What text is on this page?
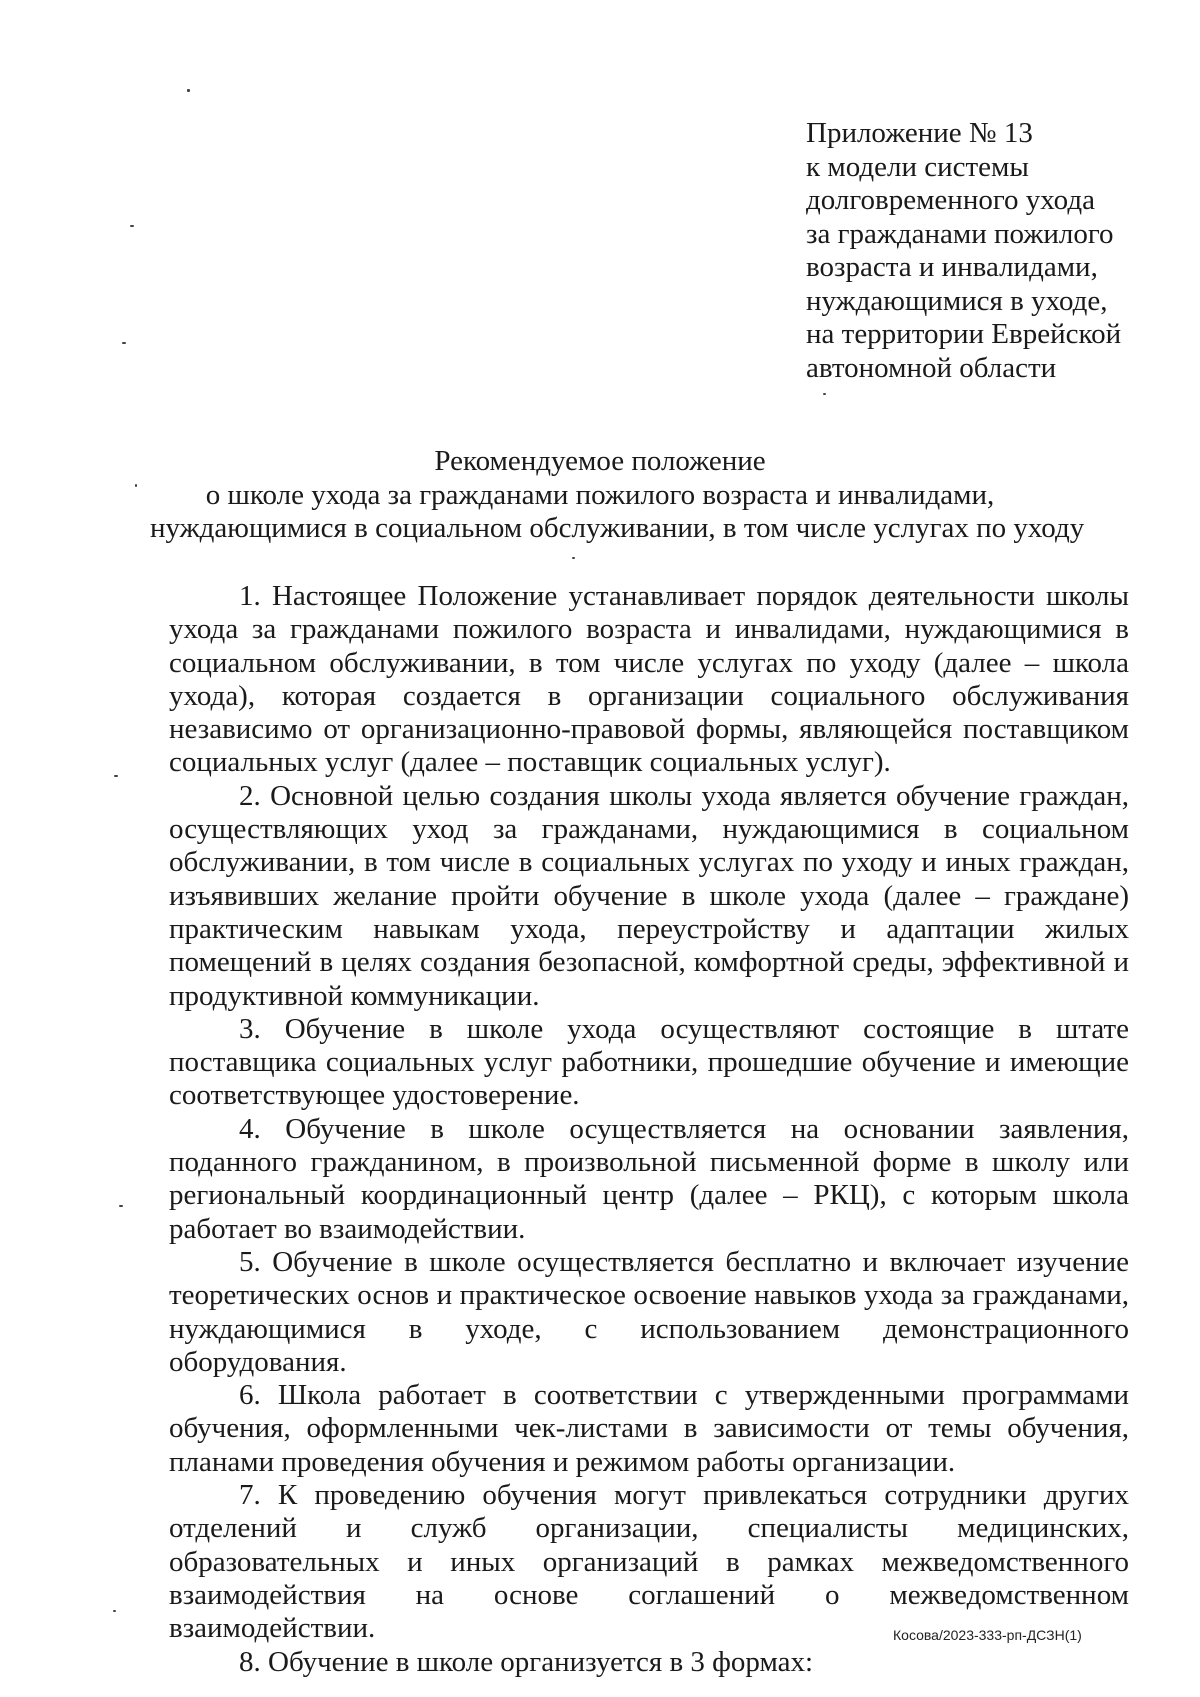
Приложение № 13
к модели системы
долговременного ухода
за гражданами пожилого
возраста и инвалидами,
нуждающимися в уходе,
на территории Еврейской
автономной области
Рекомендуемое положение
о школе ухода за гражданами пожилого возраста и инвалидами,
нуждающимися в социальном обслуживании, в том числе услугах по уходу

1. Настоящее Положение устанавливает порядок деятельности школы ухода за гражданами пожилого возраста и инвалидами, нуждающимися в социальном обслуживании, в том числе услугах по уходу (далее – школа ухода), которая создается в организации социального обслуживания независимо от организационно-правовой формы, являющейся поставщиком социальных услуг (далее – поставщик социальных услуг).

2. Основной целью создания школы ухода является обучение граждан, осуществляющих уход за гражданами, нуждающимися в социальном обслуживании, в том числе в социальных услугах по уходу и иных граждан, изъявивших желание пройти обучение в школе ухода (далее – граждане) практическим навыкам ухода, переустройству и адаптации жилых помещений в целях создания безопасной, комфортной среды, эффективной и продуктивной коммуникации.

3. Обучение в школе ухода осуществляют состоящие в штате поставщика социальных услуг работники, прошедшие обучение и имеющие соответствующее удостоверение.

4. Обучение в школе осуществляется на основании заявления, поданного гражданином, в произвольной письменной форме в школу или региональный координационный центр (далее – РКЦ), с которым школа работает во взаимодействии.

5. Обучение в школе осуществляется бесплатно и включает изучение теоретических основ и практическое освоение навыков ухода за гражданами, нуждающимися в уходе, с использованием демонстрационного оборудования.

6. Школа работает в соответствии с утвержденными программами обучения, оформленными чек-листами в зависимости от темы обучения, планами проведения обучения и режимом работы организации.

7. К проведению обучения могут привлекаться сотрудники других отделений и служб организации, специалисты медицинских, образовательных и иных организаций в рамках межведомственного взаимодействия на основе соглашений о межведомственном взаимодействии.

8. Обучение в школе организуется в 3 формах:

Косова/2023-333-рп-ДСЗН(1)
